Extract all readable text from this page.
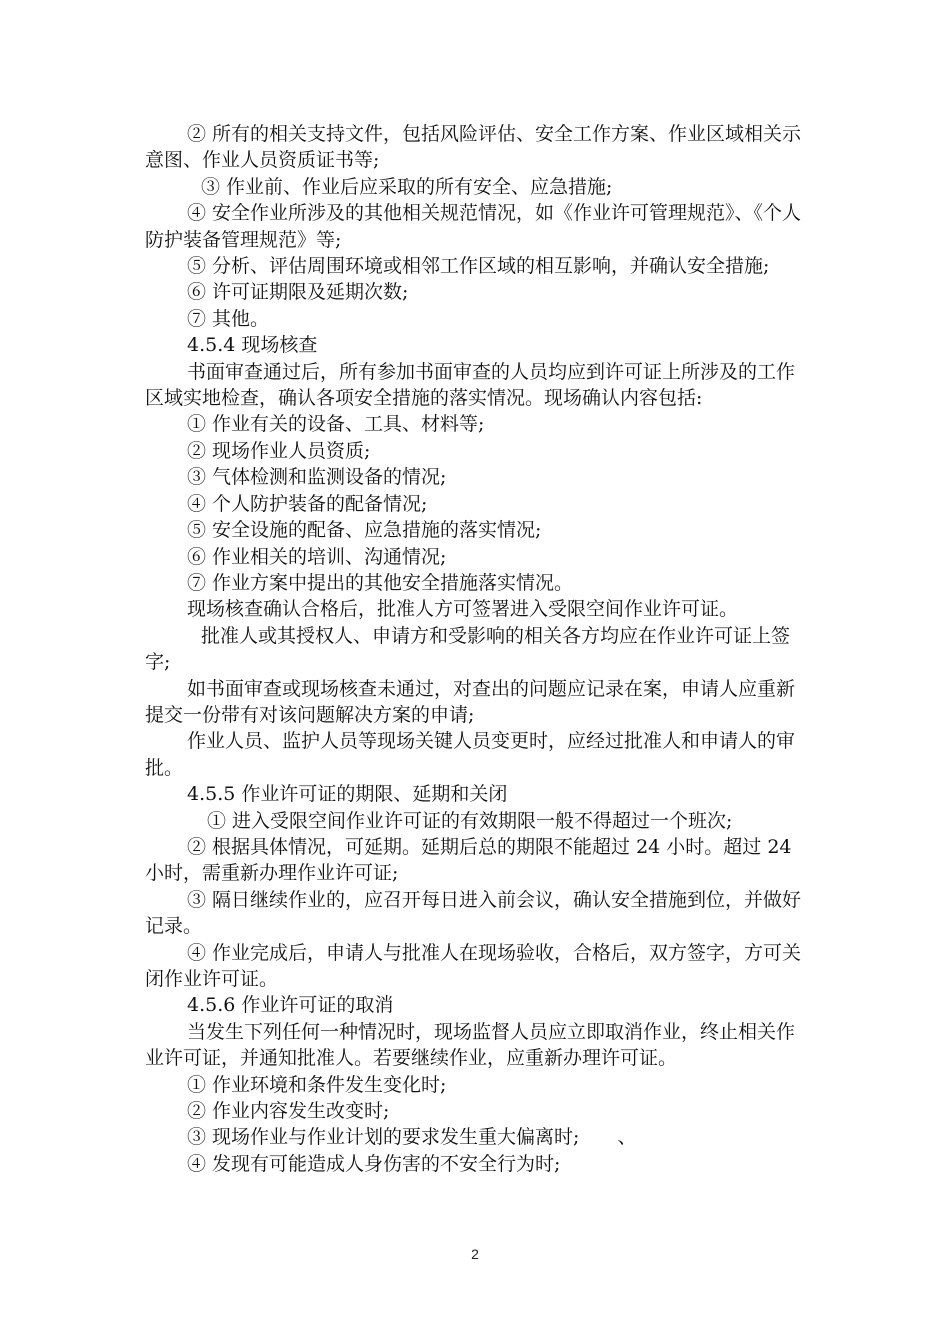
② 所有的相关支持文件，包括风险评估、安全工作方案、作业区域相关示意图、作业人员资质证书等;

③ 作业前、作业后应采取的所有安全、应急措施;

④ 安全作业所涉及的其他相关规范情况，如《作业许可管理规范》、《个人防护装备管理规范》等;

⑤ 分析、评估周围环境或相邻工作区域的相互影响，并确认安全措施;

⑥ 许可证期限及延期次数;

⑦ 其他。

4.5.4 现场核查

书面审查通过后，所有参加书面审查的人员均应到许可证上所涉及的工作区域实地检查，确认各项安全措施的落实情况。现场确认内容包括:

① 作业有关的设备、工具、材料等;

② 现场作业人员资质;

③ 气体检测和监测设备的情况;

④ 个人防护装备的配备情况;

⑤ 安全设施的配备、应急措施的落实情况;

⑥ 作业相关的培训、沟通情况;

⑦ 作业方案中提出的其他安全措施落实情况。

现场核查确认合格后，批准人方可签署进入受限空间作业许可证。

批准人或其授权人、申请方和受影响的相关各方均应在作业许可证上签字;

如书面审查或现场核查未通过，对查出的问题应记录在案，申请人应重新提交一份带有对该问题解决方案的申请;

作业人员、监护人员等现场关键人员变更时，应经过批准人和申请人的审批。

4.5.5 作业许可证的期限、延期和关闭

① 进入受限空间作业许可证的有效期限一般不得超过一个班次;

② 根据具体情况，可延期。延期后总的期限不能超过 24 小时。超过 24 小时，需重新办理作业许可证;

③ 隔日继续作业的，应召开每日进入前会议，确认安全措施到位，并做好记录。

④ 作业完成后，申请人与批准人在现场验收，合格后，双方签字，方可关闭作业许可证。

4.5.6 作业许可证的取消

当发生下列任何一种情况时，现场监督人员应立即取消作业，终止相关作业许可证，并通知批准人。若要继续作业，应重新办理许可证。

① 作业环境和条件发生变化时;

② 作业内容发生改变时;

③ 现场作业与作业计划的要求发生重大偏离时;　　、

④ 发现有可能造成人身伤害的不安全行为时;

2
